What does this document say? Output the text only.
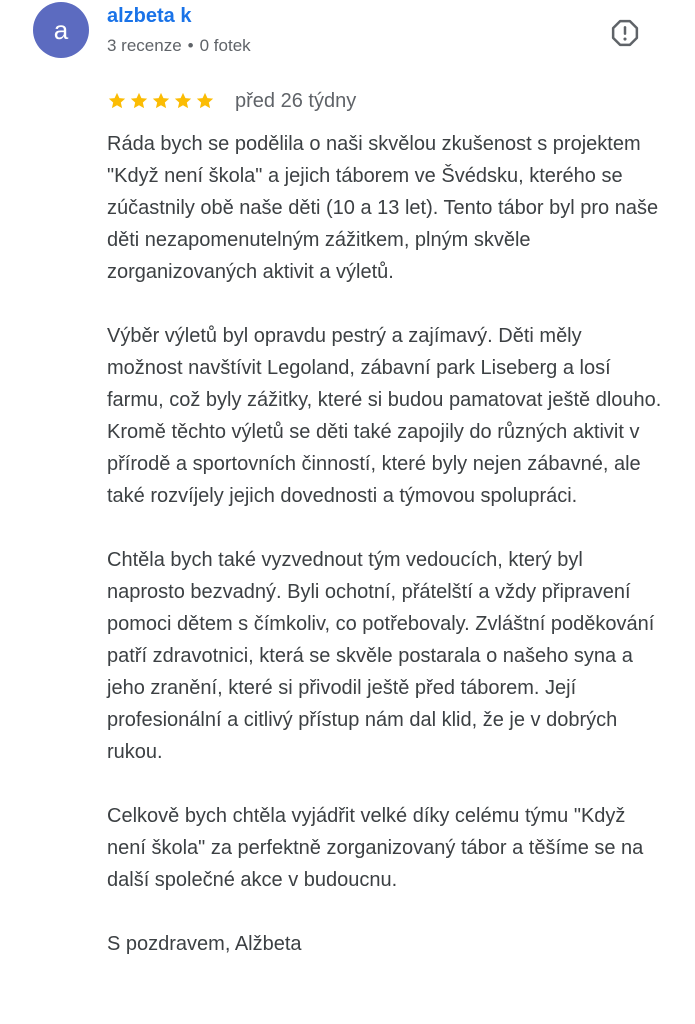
a alzbeta k
3 recenze • 0 fotek
před 26 týdny

Ráda bych se podělila o naši skvělou zkušenost s projektem "Když není škola" a jejich táborem ve Švédsku, kterého se zúčastnily obě naše děti (10 a 13 let). Tento tábor byl pro naše děti nezapomenutelným zážitkem, plným skvěle zorganizovaných aktivit a výletů.

Výběr výletů byl opravdu pestrý a zajímavý. Děti měly možnost navštívit Legoland, zábavní park Liseberg a losí farmu, což byly zážitky, které si budou pamatovat ještě dlouho. Kromě těchto výletů se děti také zapojily do různých aktivit v přírodě a sportovních činností, které byly nejen zábavné, ale také rozvíjely jejich dovednosti a týmovou spolupráci.

Chtěla bych také vyzvednout tým vedoucích, který byl naprosto bezvadný. Byli ochotní, přátelští a vždy připravení pomoci dětem s čímkoliv, co potřebovaly. Zvláštní poděkování patří zdravotnici, která se skvěle postarala o našeho syna a jeho zranění, které si přivodil ještě před táborem. Její profesionální a citlivý přístup nám dal klid, že je v dobrých rukou.

Celkově bych chtěla vyjádřit velké díky celému týmu "Když není škola" za perfektně zorganizovaný tábor a těšíme se na další společné akce v budoucnu.

S pozdravem, Alžbeta
